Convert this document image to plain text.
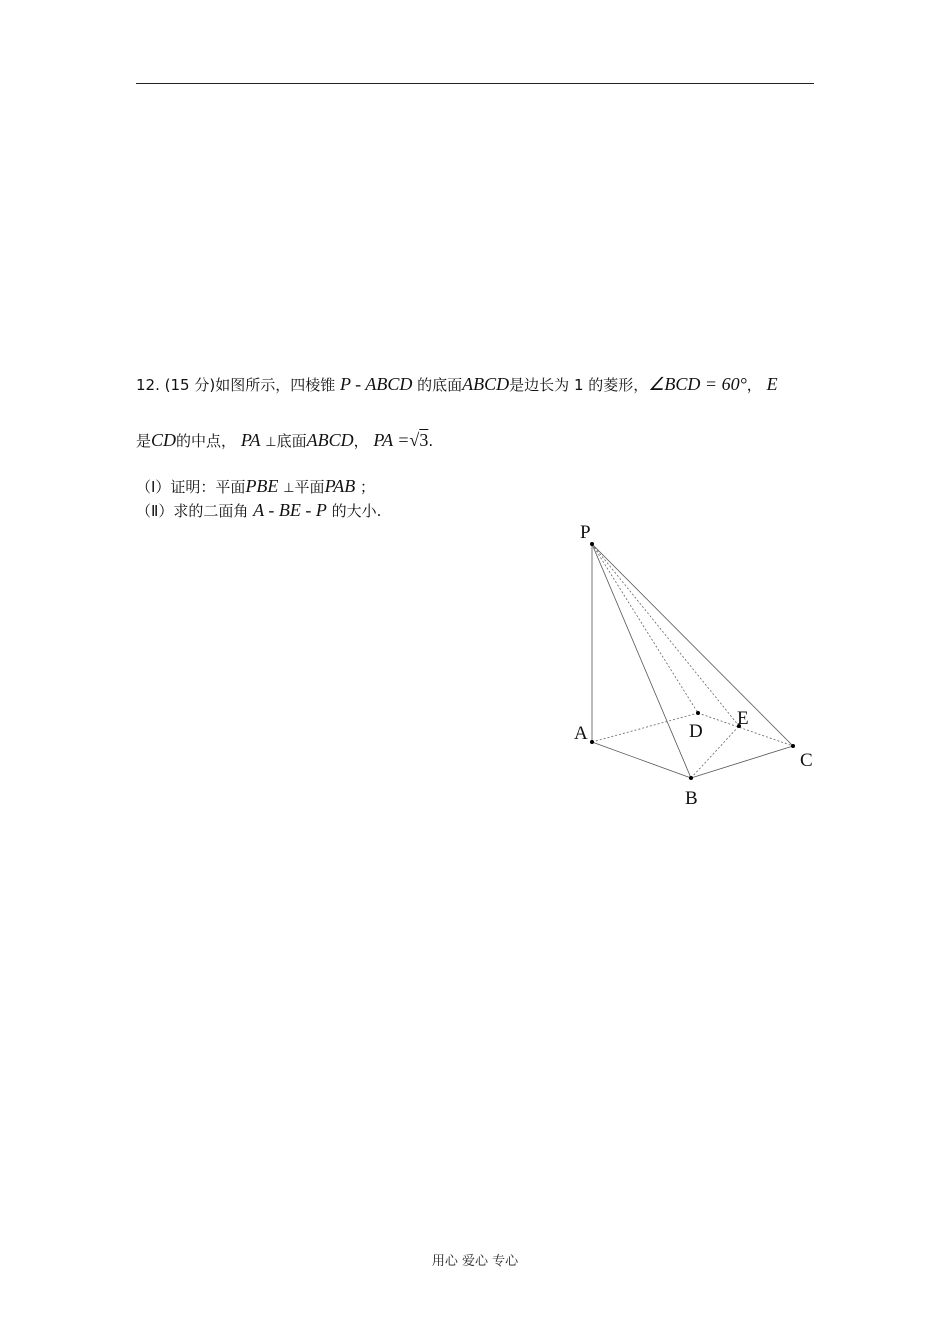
12. (15 分)如图所示，四棱锥 P - ABCD 的底面ABCD是边长为 1 的菱形，∠BCD = 60°， E
是CD的中点， PA ⊥底面ABCD， PA =√3.
（Ⅰ）证明：平面PBE ⊥平面PAB ；
（Ⅱ）求的二面角 A - BE - P 的大小.
P
A
B
C
D
E
用心 爱心 专心
